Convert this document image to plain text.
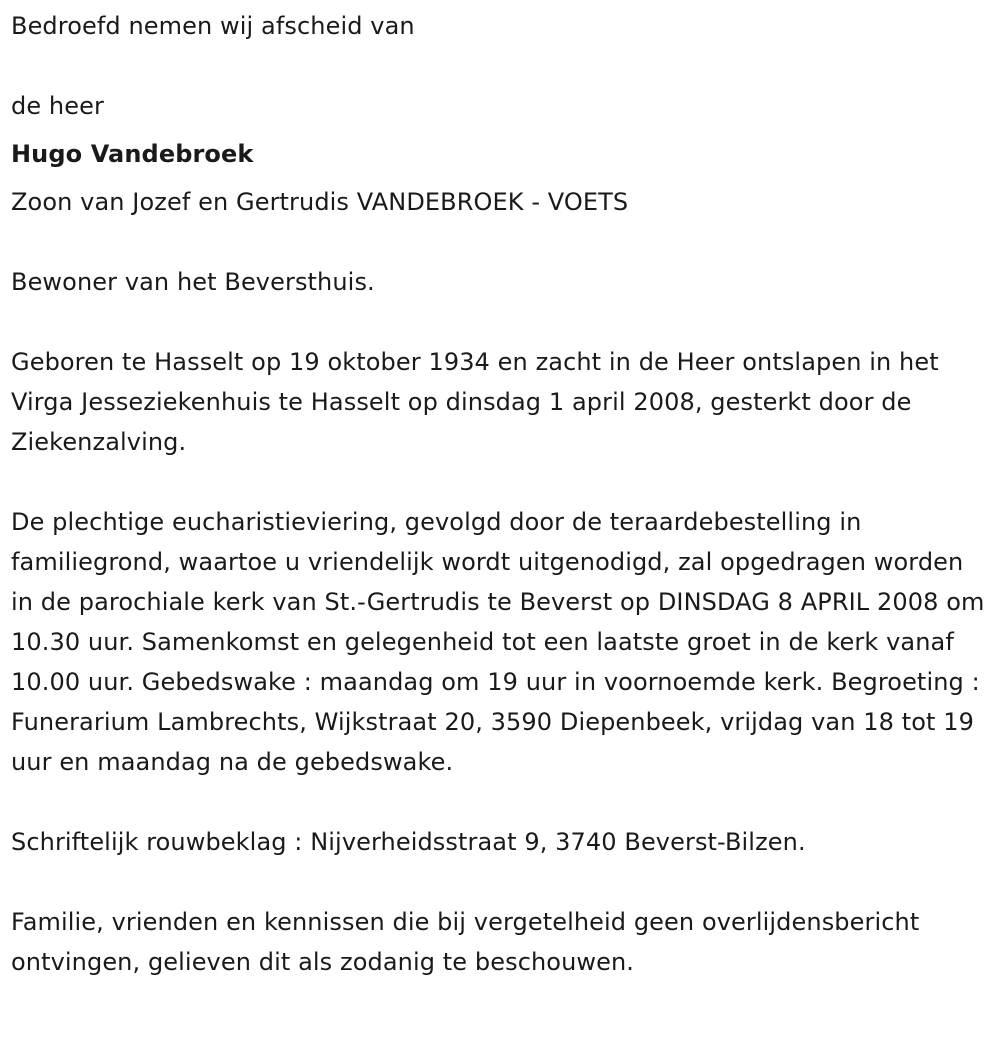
Bedroefd nemen wij afscheid van

de heer

Hugo Vandebroek

Zoon van Jozef en Gertrudis VANDEBROEK - VOETS

Bewoner van het Beversthuis.

Geboren te Hasselt op 19 oktober 1934 en zacht in de Heer ontslapen in het Virga Jesseziekenhuis te Hasselt op dinsdag 1 april 2008, gesterkt door de Ziekenzalving.

De plechtige eucharistieviering, gevolgd door de teraardebestelling in familiegrond, waartoe u vriendelijk wordt uitgenodigd, zal opgedragen worden in de parochiale kerk van St.-Gertrudis te Beverst op DINSDAG 8 APRIL 2008 om 10.30 uur. Samenkomst en gelegenheid tot een laatste groet in de kerk vanaf 10.00 uur. Gebedswake : maandag om 19 uur in voornoemde kerk. Begroeting : Funerarium Lambrechts, Wijkstraat 20, 3590 Diepenbeek, vrijdag van 18 tot 19 uur en maandag na de gebedswake.

Schriftelijk rouwbeklag : Nijverheidsstraat 9, 3740 Beverst-Bilzen.

Familie, vrienden en kennissen die bij vergetelheid geen overlijdensbericht ontvingen, gelieven dit als zodanig te beschouwen.
